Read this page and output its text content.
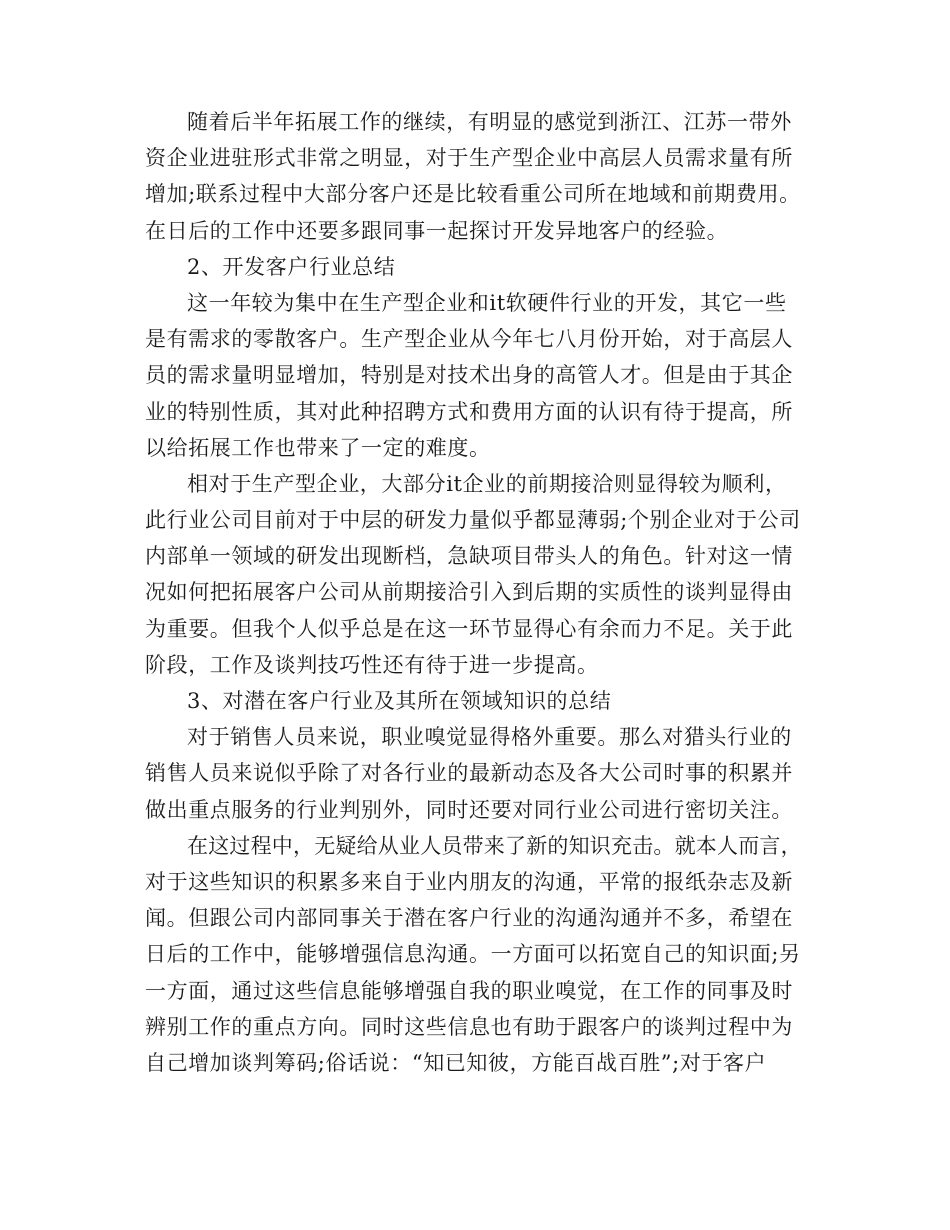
随着后半年拓展工作的继续，有明显的感觉到浙江、江苏一带外
资企业进驻形式非常之明显，对于生产型企业中高层人员需求量有所
增加;联系过程中大部分客户还是比较看重公司所在地域和前期费用。
在日后的工作中还要多跟同事一起探讨开发异地客户的经验。
2、开发客户行业总结
这一年较为集中在生产型企业和it软硬件行业的开发，其它一些
是有需求的零散客户。生产型企业从今年七八月份开始，对于高层人
员的需求量明显增加，特别是对技术出身的高管人才。但是由于其企
业的特别性质，其对此种招聘方式和费用方面的认识有待于提高，所
以给拓展工作也带来了一定的难度。
相对于生产型企业，大部分it企业的前期接洽则显得较为顺利，
此行业公司目前对于中层的研发力量似乎都显薄弱;个别企业对于公司
内部单一领域的研发出现断档，急缺项目带头人的角色。针对这一情
况如何把拓展客户公司从前期接洽引入到后期的实质性的谈判显得由
为重要。但我个人似乎总是在这一环节显得心有余而力不足。关于此
阶段，工作及谈判技巧性还有待于进一步提高。
3、对潜在客户行业及其所在领域知识的总结
对于销售人员来说，职业嗅觉显得格外重要。那么对猎头行业的
销售人员来说似乎除了对各行业的最新动态及各大公司时事的积累并
做出重点服务的行业判别外，同时还要对同行业公司进行密切关注。
在这过程中，无疑给从业人员带来了新的知识充击。就本人而言，
对于这些知识的积累多来自于业内朋友的沟通，平常的报纸杂志及新
闻。但跟公司内部同事关于潜在客户行业的沟通沟通并不多，希望在
日后的工作中，能够增强信息沟通。一方面可以拓宽自己的知识面;另
一方面，通过这些信息能够增强自我的职业嗅觉，在工作的同事及时
辨别工作的重点方向。同时这些信息也有助于跟客户的谈判过程中为
自己增加谈判筹码;俗话说：“知已知彼，方能百战百胜”;对于客户
